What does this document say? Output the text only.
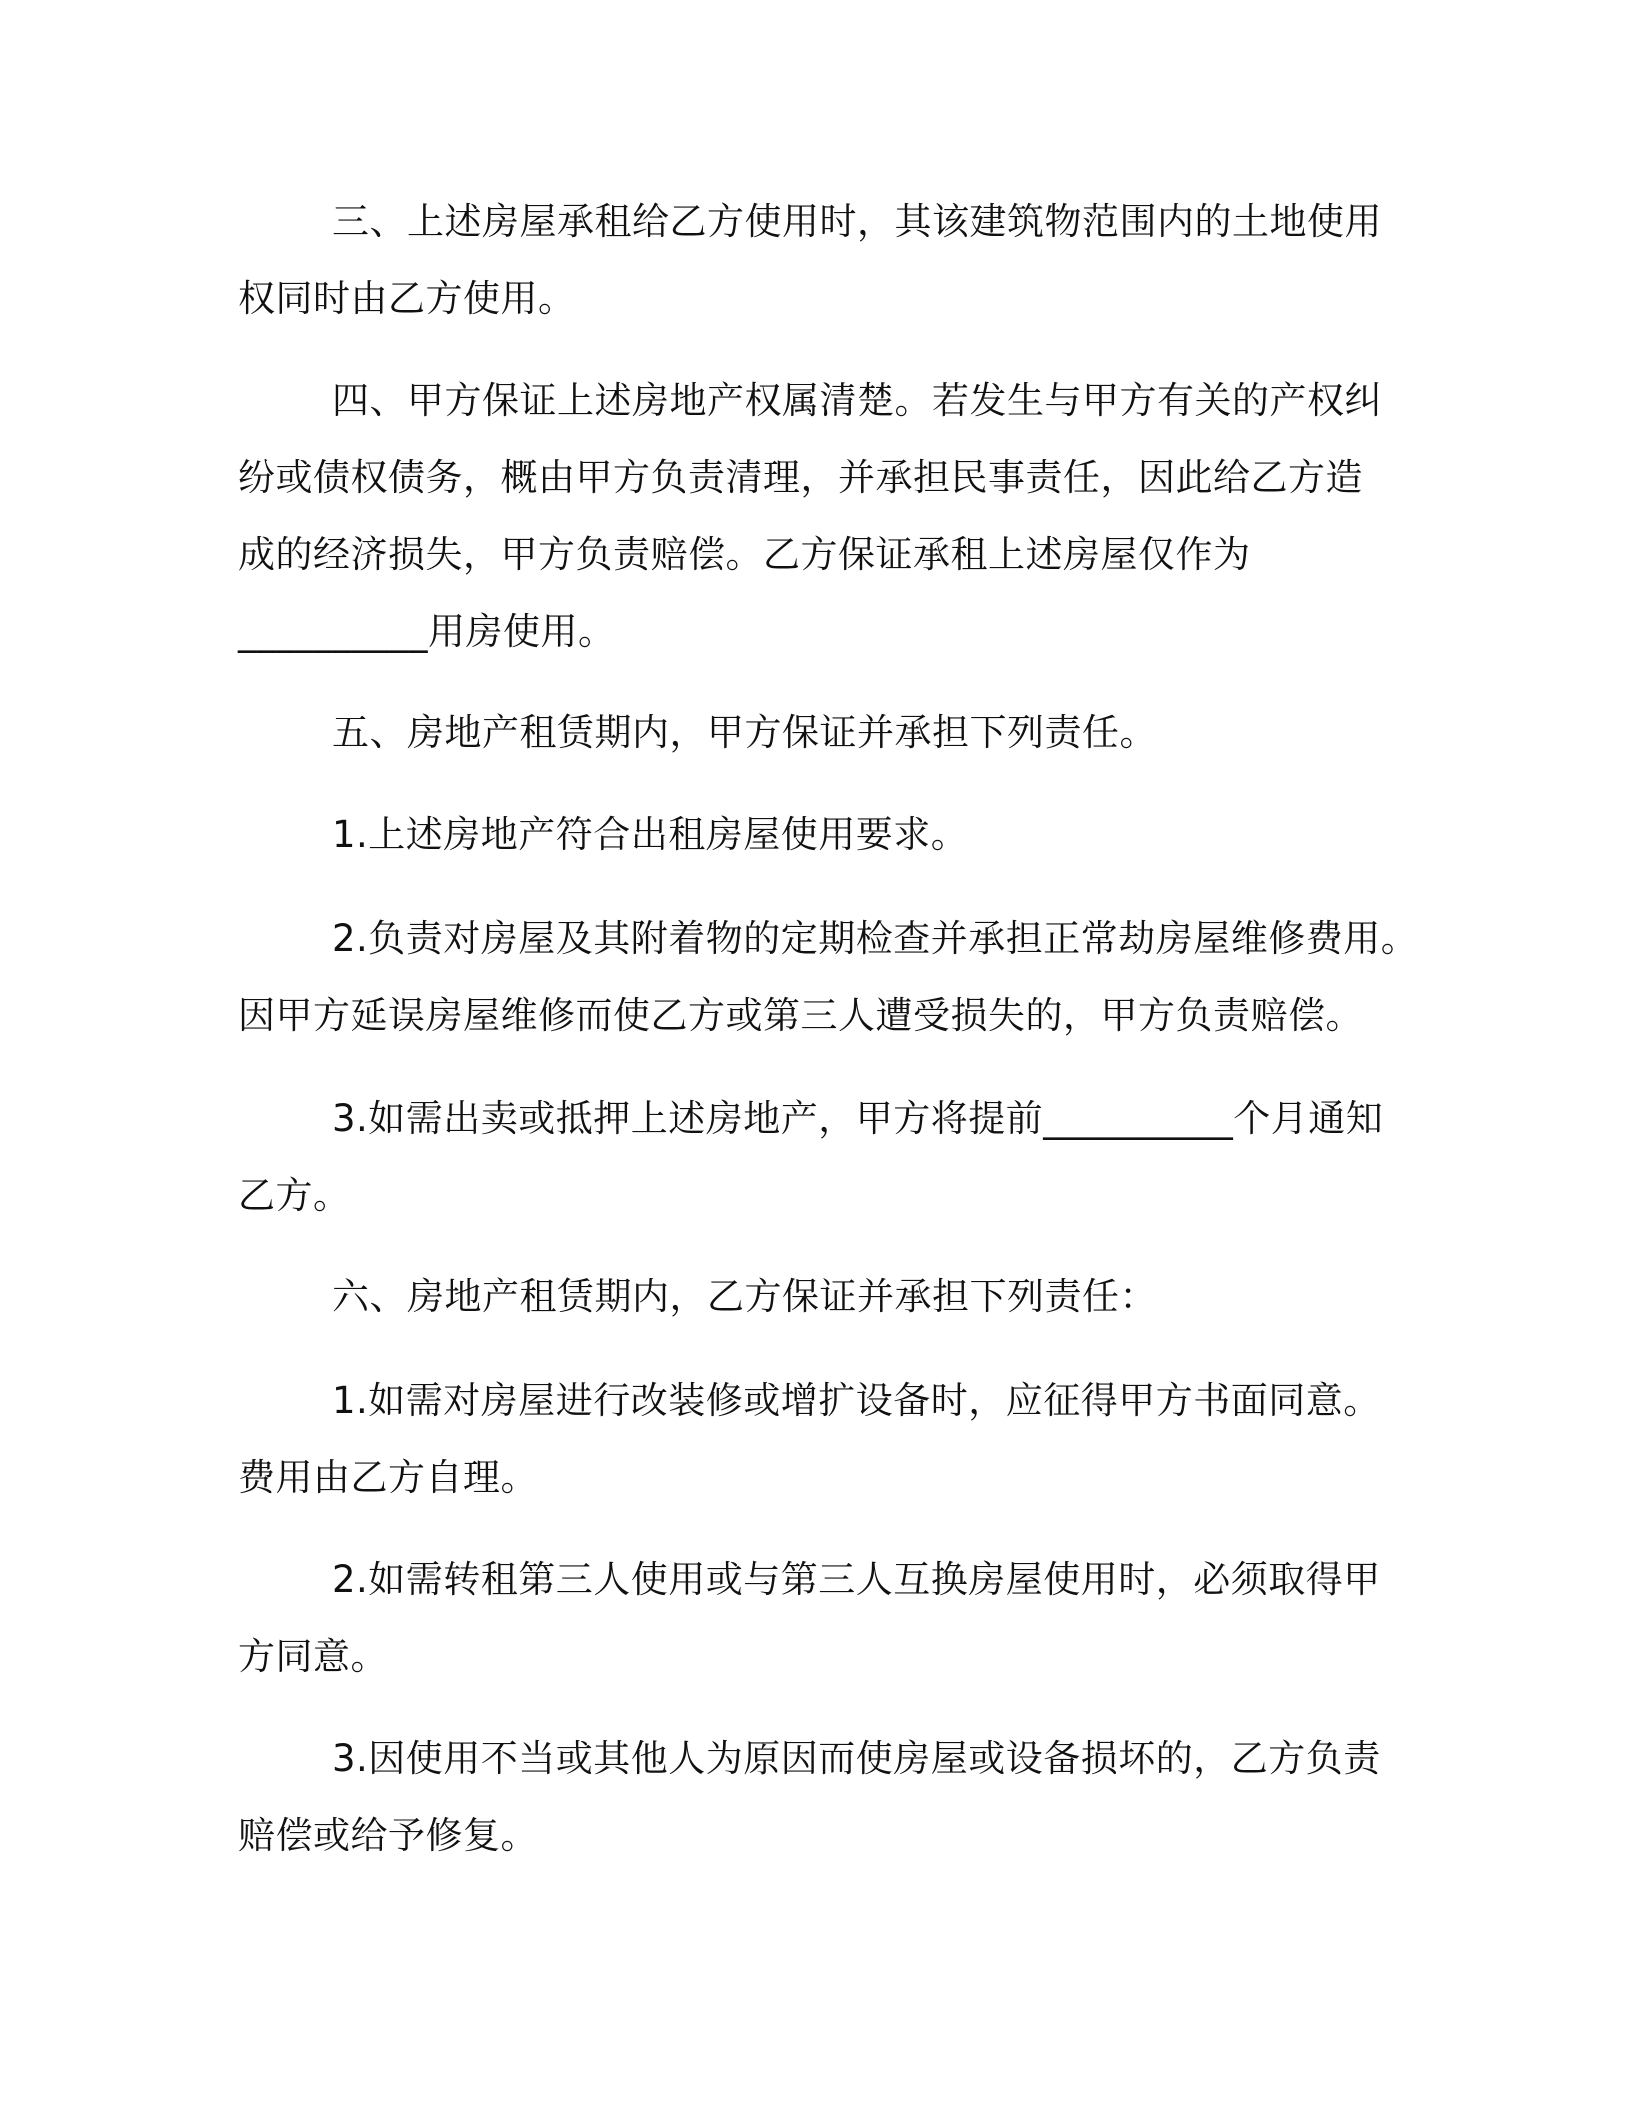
三、上述房屋承租给乙方使用时，其该建筑物范围内的土地使用
权同时由乙方使用。

四、甲方保证上述房地产权属清楚。若发生与甲方有关的产权纠
纷或债权债务，概由甲方负责清理，并承担民事责任，因此给乙方造
成的经济损失，甲方负责赔偿。乙方保证承租上述房屋仅作为
__________用房使用。

五、房地产租赁期内，甲方保证并承担下列责任。

1.上述房地产符合出租房屋使用要求。

2.负责对房屋及其附着物的定期检查并承担正常劫房屋维修费用。
因甲方延误房屋维修而使乙方或第三人遭受损失的，甲方负责赔偿。

3.如需出卖或抵押上述房地产，甲方将提前__________个月通知
乙方。

六、房地产租赁期内，乙方保证并承担下列责任：

1.如需对房屋进行改装修或增扩设备时，应征得甲方书面同意。
费用由乙方自理。

2.如需转租第三人使用或与第三人互换房屋使用时，必须取得甲
方同意。

3.因使用不当或其他人为原因而使房屋或设备损坏的，乙方负责
赔偿或给予修复。
